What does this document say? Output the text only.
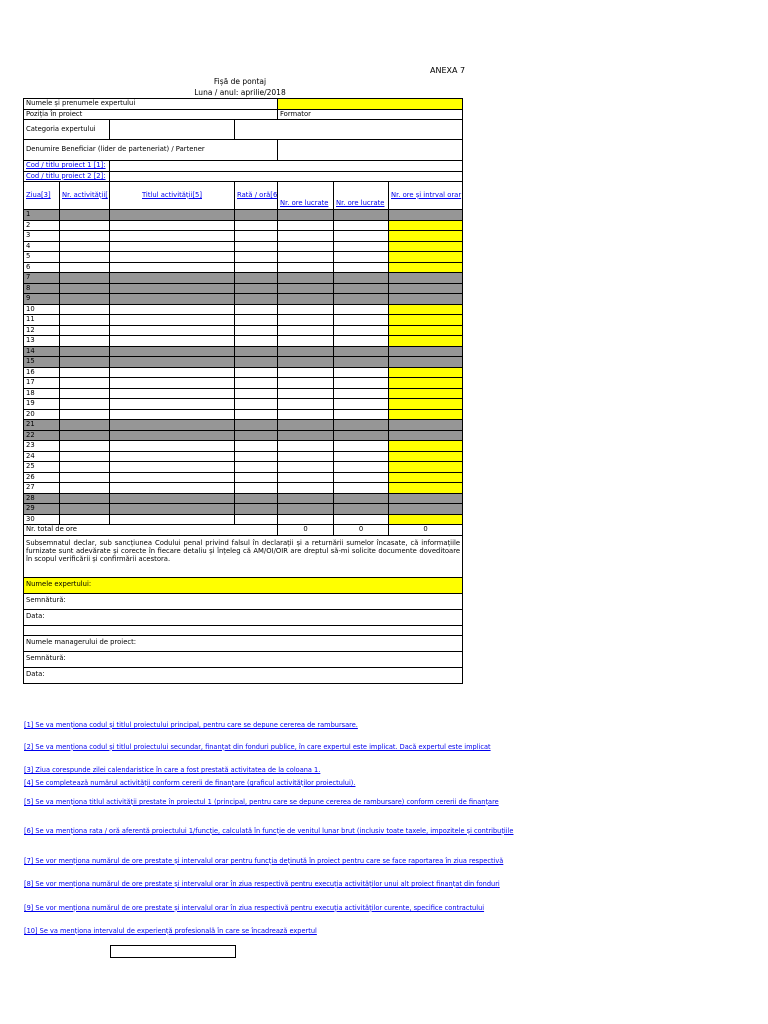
ANEXA 7
Fișă de pontaj
Luna / anul: aprilie/2018
Numele și prenumele expertului						
Poziția în proiect				Formator		
Categoria expertului						
Denumire Beneficiar (lider de parteneriat) / Partener						
Cod / titlu proiect 1 [1]:						
Cod / titlu proiect 2 [2]:						
Ziua[3]	Nr. activității[	Titlul activității[5]	Rată / oră[6			Nr. ore și intrval orar
				Nr. ore lucrate	Nr. ore lucrate	
1						
2						
3						
4						
5						
6						
7						
8						
9						
10						
11						
12						
13						
14						
15						
16						
17						
18						
19						
20						
21						
22						
23						
24						
25						
26						
27						
28						
29						
30						
Nr. total de ore				0	0	0
Subsemnatul declar, sub sancțiunea Codului penal privind falsul în declarații și a returnării sumelor încasate, că informațiile furnizate sunt adevărate și corecte în fiecare detaliu și înțeleg că AM/OI/OIR are dreptul să-mi solicite documente doveditoare în scopul verificării și confirmării acestora.						
Numele expertului:						
Semnătură:						
Data:						

Numele managerului de proiect:						
Semnătură:						
Data:						
[1] Se va menționa codul și titlul proiectului principal, pentru care se depune cererea de rambursare.
[2] Se va menționa codul și titlul proiectului secundar, finanțat din fonduri publice, în care expertul este implicat. Dacă expertul este implicat
[3] Ziua corespunde zilei calendaristice în care a fost prestată activitatea de la coloana 1.
[4] Se completează numărul activității conform cererii de finanțare (graficul activităților proiectului).
[5] Se va menționa titlul activității prestate în proiectul 1 (principal, pentru care se depune cererea de rambursare) conform cererii de finanțare
[6] Se va menționa rata / oră aferentă proiectului 1/funcție, calculată în funcție de venitul lunar brut (inclusiv toate taxele, impozitele și contribuțiile
[7] Se vor menționa numărul de ore prestate și intervalul orar pentru funcția deținută în proiect pentru care se face raportarea în ziua respectivă
[8] Se vor menționa numărul de ore prestate și intervalul orar în ziua respectivă pentru execuția activităților unui alt proiect finanțat din fonduri
[9] Se vor menționa numărul de ore prestate și intervalul orar în ziua respectivă pentru execuția activităților curente, specifice contractului
[10] Se va menționa intervalul de experiență profesională în care se încadrează expertul
